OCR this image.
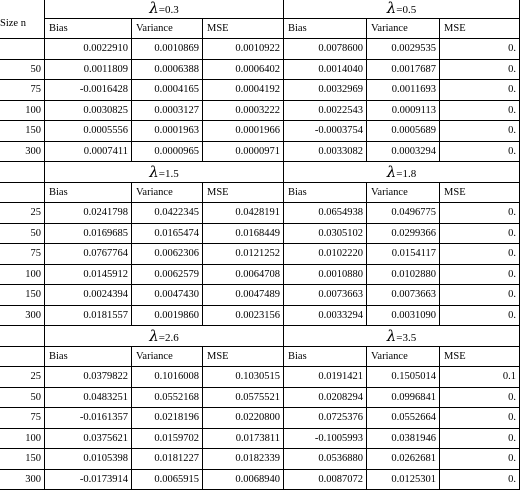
	λ=0.3			λ=0.5		
Size n	Bias	Variance	MSE	Bias	Variance	MSE
	0.0022910	0.0010869	0.0010922	0.0078600	0.0029535	0.
50	0.0011809	0.0006388	0.0006402	0.0014040	0.0017687	0.
75	-0.0016428	0.0004165	0.0004192	0.0032969	0.0011693	0.
100	0.0030825	0.0003127	0.0003222	0.0022543	0.0009113	0.
150	0.0005556	0.0001963	0.0001966	-0.0003754	0.0005689	0.
300	0.0007411	0.0000965	0.0000971	0.0033082	0.0003294	0.
	λ=1.5			λ=1.8		
	Bias	Variance	MSE	Bias	Variance	MSE
25	0.0241798	0.0422345	0.0428191	0.0654938	0.0496775	0.
50	0.0169685	0.0165474	0.0168449	0.0305102	0.0299366	0.
75	0.0767764	0.0062306	0.0121252	0.0102220	0.0154117	0.
100	0.0145912	0.0062579	0.0064708	0.0010880	0.0102880	0.
150	0.0024394	0.0047430	0.0047489	0.0073663	0.0073663	0.
300	0.0181557	0.0019860	0.0023156	0.0033294	0.0031090	0.
	λ=2.6			λ=3.5		
	Bias	Variance	MSE	Bias	Variance	MSE
25	0.0379822	0.1016008	0.1030515	0.0191421	0.1505014	0.1
50	0.0483251	0.0552168	0.0575521	0.0208294	0.0996841	0.
75	-0.0161357	0.0218196	0.0220800	0.0725376	0.0552664	0.
100	0.0375621	0.0159702	0.0173811	-0.1005993	0.0381946	0.
150	0.0105398	0.0181227	0.0182339	0.0536880	0.0262681	0.
300	-0.0173914	0.0065915	0.0068940	0.0087072	0.0125301	0.
